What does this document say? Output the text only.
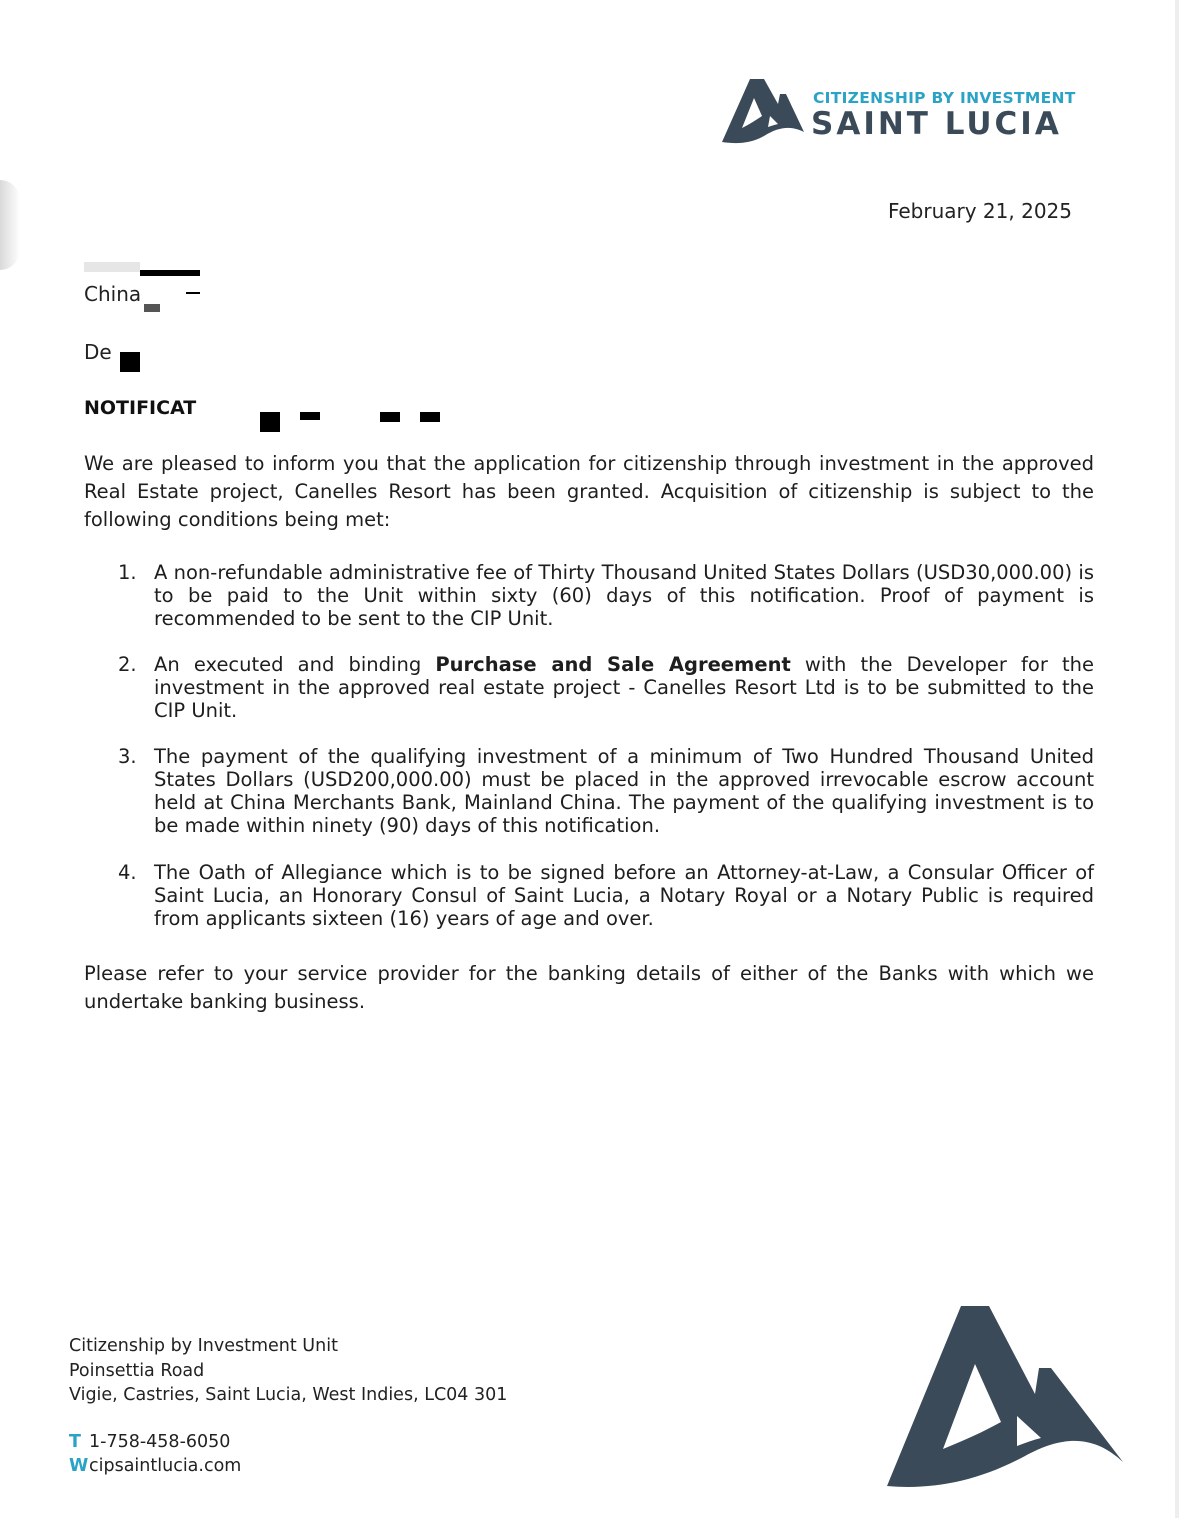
CITIZENSHIP BY INVESTMENT
SAINT LUCIA
February 21, 2025
China
De
NOTIFICAT
We are pleased to inform you that the application for citizenship through investment in the approved Real Estate project, Canelles Resort has been granted. Acquisition of citizenship is subject to the following conditions being met:
1. A non-refundable administrative fee of Thirty Thousand United States Dollars (USD30,000.00) is to be paid to the Unit within sixty (60) days of this notification. Proof of payment is recommended to be sent to the CIP Unit.
2. An executed and binding Purchase and Sale Agreement with the Developer for the investment in the approved real estate project - Canelles Resort Ltd is to be submitted to the CIP Unit.
3. The payment of the qualifying investment of a minimum of Two Hundred Thousand United States Dollars (USD200,000.00) must be placed in the approved irrevocable escrow account held at China Merchants Bank, Mainland China. The payment of the qualifying investment is to be made within ninety (90) days of this notification.
4. The Oath of Allegiance which is to be signed before an Attorney-at-Law, a Consular Officer of Saint Lucia, an Honorary Consul of Saint Lucia, a Notary Royal or a Notary Public is required from applicants sixteen (16) years of age and over.
Please refer to your service provider for the banking details of either of the Banks with which we undertake banking business.
Citizenship by Investment Unit
Poinsettia Road
Vigie, Castries, Saint Lucia, West Indies, LC04 301
T 1-758-458-6050
Wcipsaintlucia.com
